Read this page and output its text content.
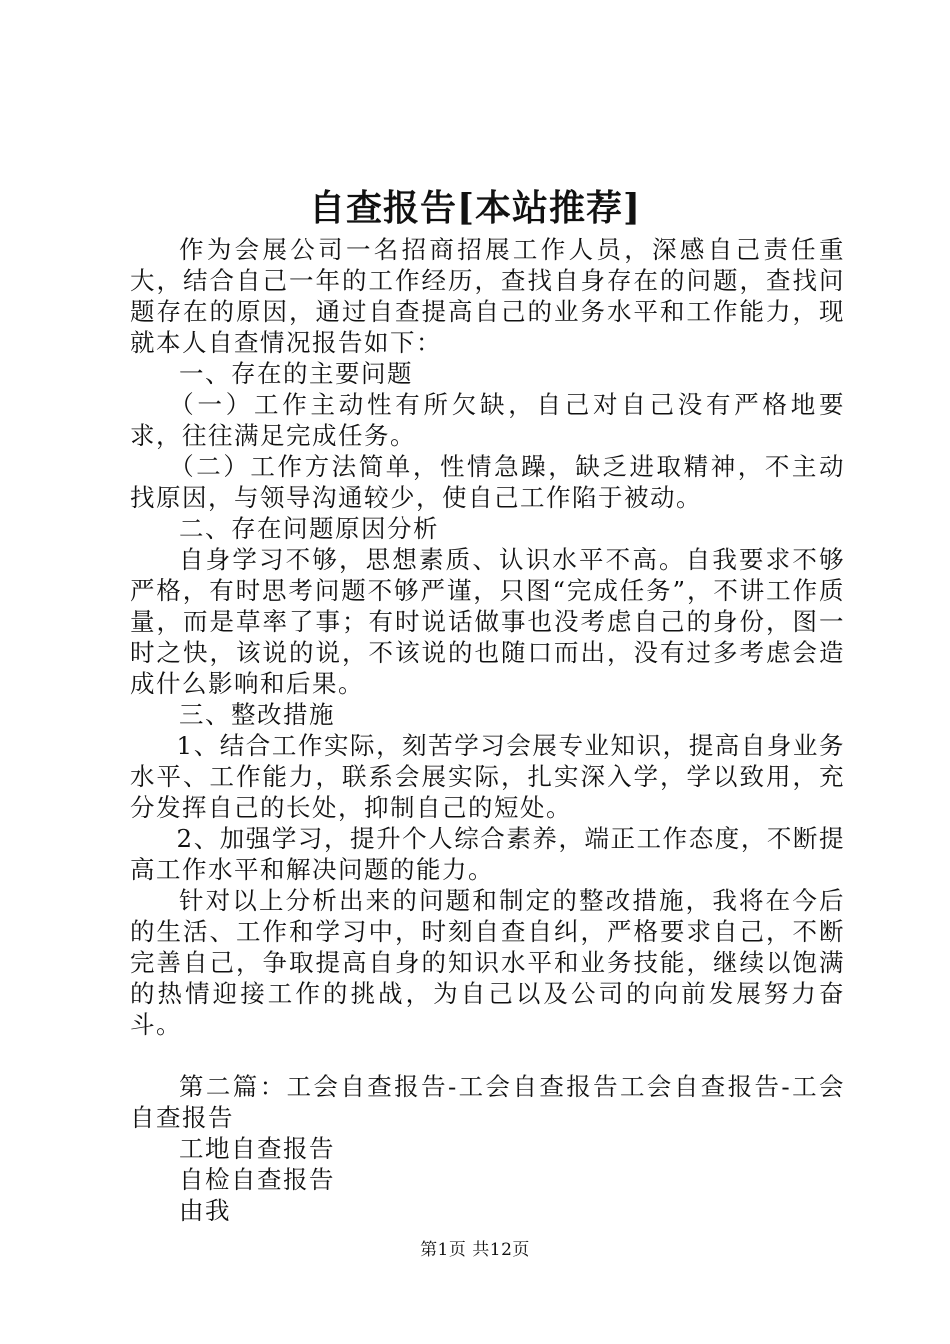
自查报告[本站推荐]

作为会展公司一名招商招展工作人员，深感自己责任重大，结合自己一年的工作经历，查找自身存在的问题，查找问题存在的原因，通过自查提高自己的业务水平和工作能力，现就本人自查情况报告如下：

一、存在的主要问题

（一）工作主动性有所欠缺，自己对自己没有严格地要求，往往满足完成任务。

（二）工作方法简单，性情急躁，缺乏进取精神，不主动找原因，与领导沟通较少，使自己工作陷于被动。

二、存在问题原因分析

自身学习不够，思想素质、认识水平不高。自我要求不够严格，有时思考问题不够严谨，只图“完成任务”，不讲工作质量，而是草率了事；有时说话做事也没考虑自己的身份，图一时之快，该说的说，不该说的也随口而出，没有过多考虑会造成什么影响和后果。

三、整改措施

1、结合工作实际，刻苦学习会展专业知识，提高自身业务水平、工作能力，联系会展实际，扎实深入学，学以致用，充分发挥自己的长处，抑制自己的短处。

2、加强学习，提升个人综合素养，端正工作态度，不断提高工作水平和解决问题的能力。

针对以上分析出来的问题和制定的整改措施，我将在今后的生活、工作和学习中，时刻自查自纠，严格要求自己，不断完善自己，争取提高自身的知识水平和业务技能，继续以饱满的热情迎接工作的挑战，为自己以及公司的向前发展努力奋斗。

第二篇：工会自查报告-工会自查报告工会自查报告-工会自查报告

工地自查报告

自检自查报告

由我

第1页 共12页
